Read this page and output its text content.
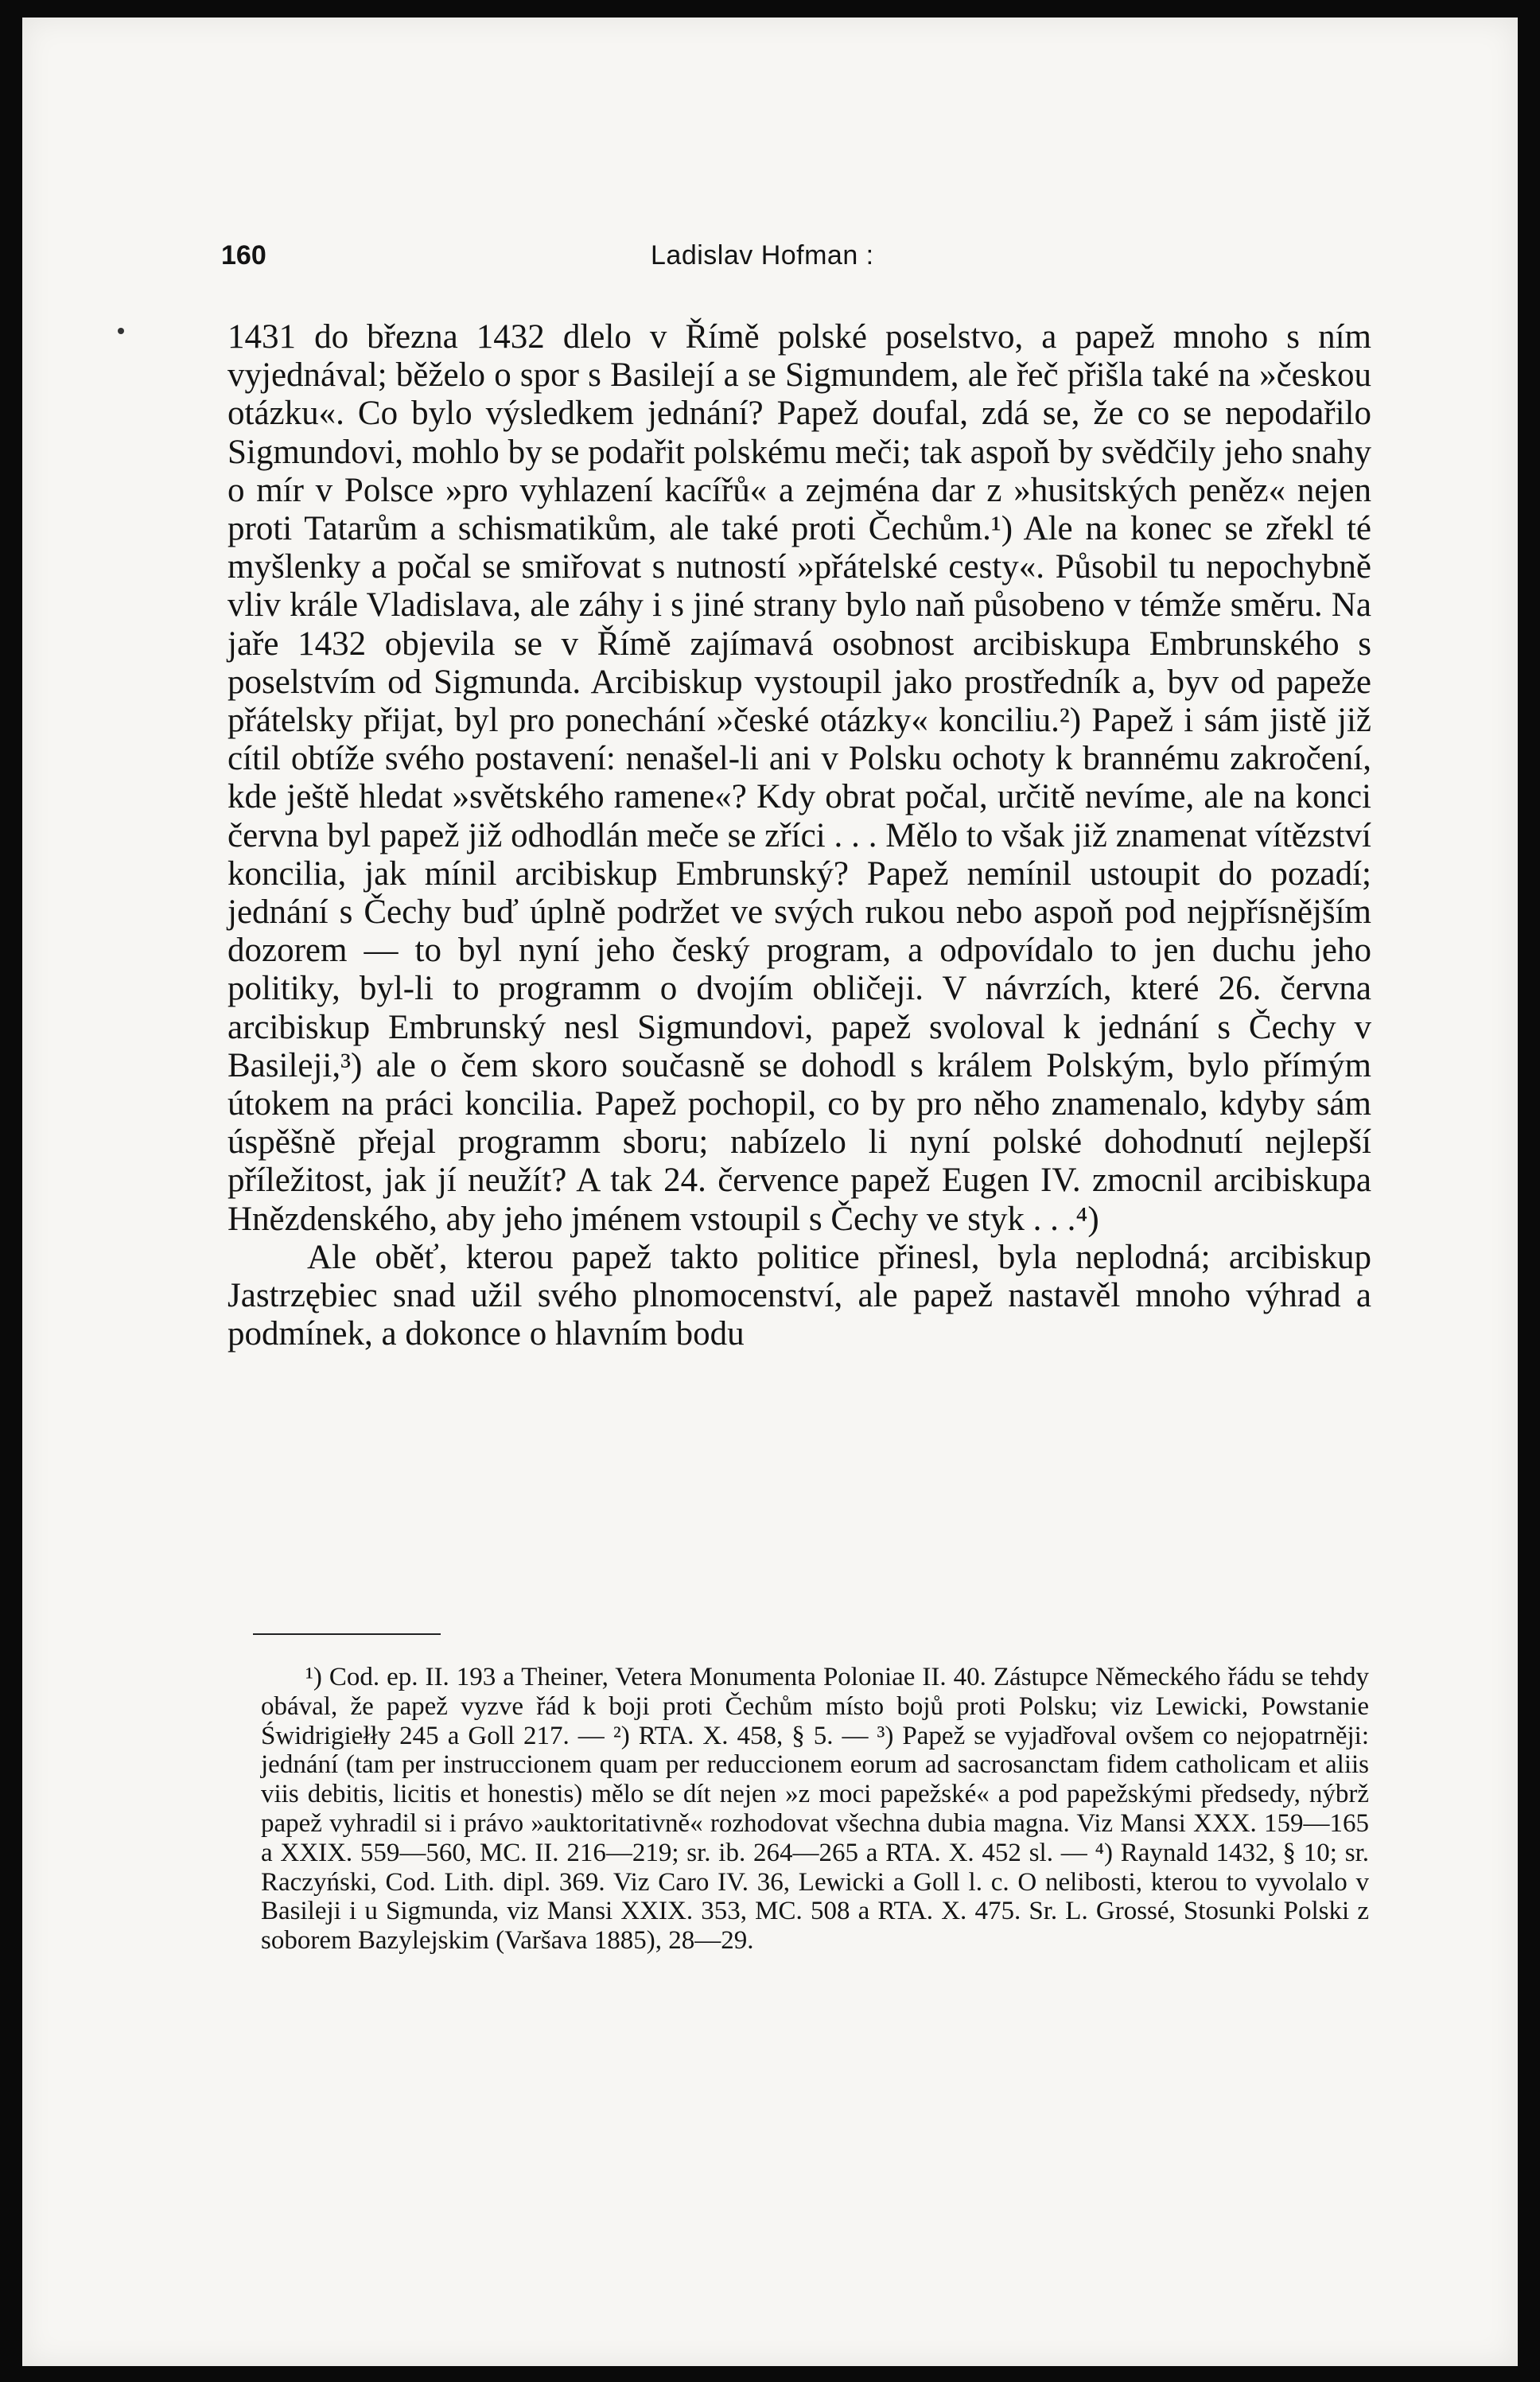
160	Ladislav Hofman :

1431 do března 1432 dlelo v Římě polské poselstvo, a papež mnoho s ním vyjednával; běželo o spor s Basilejí a se Sigmundem, ale řeč přišla také na »českou otázku«. Co bylo výsledkem jednání? Papež doufal, zdá se, že co se nepodařilo Sigmundovi, mohlo by se podařit polskému meči; tak aspoň by svědčily jeho snahy o mír v Polsce »pro vyhlazení kacířů« a zejména dar z »husitských peněz« nejen proti Tatarům a schismatikům, ale také proti Čechům.¹) Ale na konec se zřekl té myšlenky a počal se smiřovat s nutností »přátelské cesty«. Působil tu nepochybně vliv krále Vladislava, ale záhy i s jiné strany bylo naň působeno v témže směru. Na jaře 1432 objevila se v Římě zajímavá osobnost arcibiskupa Embrunského s poselstvím od Sigmunda. Arcibiskup vystoupil jako prostředník a, byv od papeže přátelsky přijat, byl pro ponechání »české otázky« konciliu.²) Papež i sám jistě již cítil obtíže svého postavení: nenašel-li ani v Polsku ochoty k brannému zakročení, kde ještě hledat »světského ramene«? Kdy obrat počal, určitě nevíme, ale na konci června byl papež již odhodlán meče se zříci . . . Mělo to však již znamenat vítězství koncilia, jak mínil arcibiskup Embrunský? Papež nemínil ustoupit do pozadí; jednání s Čechy buď úplně podržet ve svých rukou nebo aspoň pod nejpřísnějším dozorem — to byl nyní jeho český program, a odpovídalo to jen duchu jeho politiky, byl-li to programm o dvojím obličeji. V návrzích, které 26. června arcibiskup Embrunský nesl Sigmundovi, papež svoloval k jednání s Čechy v Basileji,³) ale o čem skoro současně se dohodl s králem Polským, bylo přímým útokem na práci koncilia. Papež pochopil, co by pro něho znamenalo, kdyby sám úspěšně přejal programm sboru; nabízelo li nyní polské dohodnutí nejlepší příležitost, jak jí neužít? A tak 24. července papež Eugen IV. zmocnil arcibiskupa Hnězdenského, aby jeho jménem vstoupil s Čechy ve styk . . .⁴)

Ale oběť, kterou papež takto politice přinesl, byla neplodná; arcibiskup Jastrzębiec snad užil svého plnomocenství, ale papež nastavěl mnoho výhrad a podmínek, a dokonce o hlavním bodu

¹) Cod. ep. II. 193 a Theiner, Vetera Monumenta Poloniae II. 40. Zástupce Německého řádu se tehdy obával, že papež vyzve řád k boji proti Čechům místo bojů proti Polsku; viz Lewicki, Powstanie Świdrigiełły 245 a Goll 217. — ²) RTA. X. 458, § 5. — ³) Papež se vyjadřoval ovšem co nejopatrněji: jednání (tam per instruccionem quam per reduccionem eorum ad sacrosanctam fidem catholicam et aliis viis debitis, licitis et honestis) mělo se dít nejen »z moci papežské« a pod papežskými předsedy, nýbrž papež vyhradil si i právo »auktoritativně« rozhodovat všechna dubia magna. Viz Mansi XXX. 159—165 a XXIX. 559—560, MC. II. 216—219; sr. ib. 264—265 a RTA. X. 452 sl. — ⁴) Raynald 1432, § 10; sr. Raczyński, Cod. Lith. dipl. 369. Viz Caro IV. 36, Lewicki a Goll l. c. O nelibosti, kterou to vyvolalo v Basileji i u Sigmunda, viz Mansi XXIX. 353, MC. 508 a RTA. X. 475. Sr. L. Grossé, Stosunki Polski z soborem Bazylejskim (Varšava 1885), 28—29.
